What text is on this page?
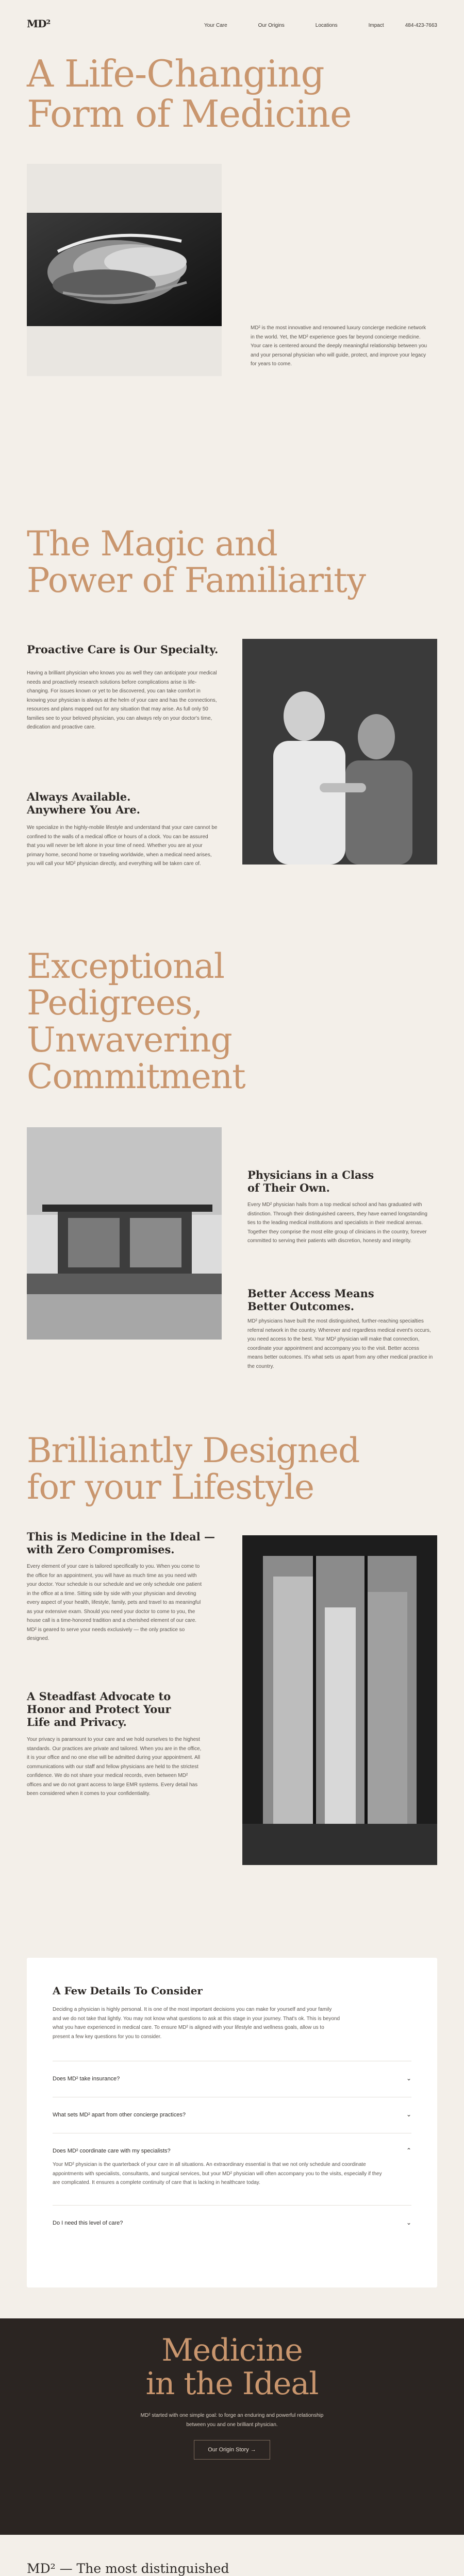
MD²	Your Care	Our Origins	Locations	Impact	484-423-7663
A Life-Changing
Form of Medicine

MD² is the most innovative and renowned luxury concierge medicine network in the world. Yet, the MD² experience goes far beyond concierge medicine. Your care is centered around the deeply meaningful relationship between you and your personal physician who will guide, protect, and improve your legacy for years to come.

The Magic and
Power of Familiarity
Proactive Care is Our Specialty.

Having a brilliant physician who knows you as well they can anticipate your medical needs and proactively research solutions before complications arise is life-changing. For issues known or yet to be discovered, you can take comfort in knowing your physician is always at the helm of your care and has the connections, resources and plans mapped out for any situation that may arise. As full only 50 families see to your beloved physician, you can always rely on your doctor's time, dedication and proactive care.

Always Available.
Anywhere You Are.

We specialize in the highly-mobile lifestyle and understand that your care cannot be confined to the walls of a medical office or hours of a clock. You can be assured that you will never be left alone in your time of need. Whether you are at your primary home, second home or traveling worldwide, when a medical need arises, you will call your MD² physician directly, and everything will be taken care of.

Exceptional
Pedigrees,
Unwavering
Commitment
Physicians in a Class
of Their Own.

Every MD² physician hails from a top medical school and has graduated with distinction. Through their distinguished careers, they have earned longstanding ties to the leading medical institutions and specialists in their medical arenas. Together they comprise the most elite group of clinicians in the country, forever committed to serving their patients with discretion, honesty and integrity.

Better Access Means
Better Outcomes.

MD² physicians have built the most distinguished, further-reaching specialties referral network in the country. Wherever and regardless medical event's occurs, you need access to the best. Your MD² physician will make that connection, coordinate your appointment and accompany you to the visit. Better access means better outcomes. It's what sets us apart from any other medical practice in the country.

Brilliantly Designed
for your Lifestyle
This is Medicine in the Ideal —
with Zero Compromises.

Every element of your care is tailored specifically to you. When you come to the office for an appointment, you will have as much time as you need with your doctor. Your schedule is our schedule and we only schedule one patient in the office at a time. Sitting side by side with your physician and devoting every aspect of your health, lifestyle, family, pets and travel to as meaningful as your extensive exam. Should you need your doctor to come to you, the house call is a time-honored tradition and a cherished element of our care. MD² is geared to serve your needs exclusively — the only practice so designed.

A Steadfast Advocate to
Honor and Protect Your
Life and Privacy.

Your privacy is paramount to your care and we hold ourselves to the highest standards. Our practices are private and tailored. When you are in the office, it is your office and no one else will be admitted during your appointment. All communications with our staff and fellow physicians are held to the strictest confidence. We do not share your medical records, even between MD² offices and we do not grant access to large EMR systems. Every detail has been considered when it comes to your confidentiality.

A Few Details To Consider

Deciding a physician is highly personal. It is one of the most important decisions you can make for yourself and your family and we do not take that lightly. You may not know what questions to ask at this stage in your journey. That's ok. This is beyond what you have experienced in medical care. To ensure MD² is aligned with your lifestyle and wellness goals, allow us to present a few key questions for you to consider.

Does MD² take insurance?	⌄
What sets MD² apart from other concierge practices?	⌄
Does MD² coordinate care with my specialists?	⌃

Your MD² physician is the quarterback of your care in all situations. An extraordinary essential is that we not only schedule and coordinate appointments with specialists, consultants, and surgical services, but your MD² physician will often accompany you to the visits, especially if they are complicated. It ensures a complete continuity of care that is lacking in healthcare today.

Do I need this level of care?	⌄
Medicine
in the Ideal

MD² started with one simple goal: to forge an enduring and powerful relationship between you and one brilliant physician.

Our Origin Story →
MD² — The most distinguished
